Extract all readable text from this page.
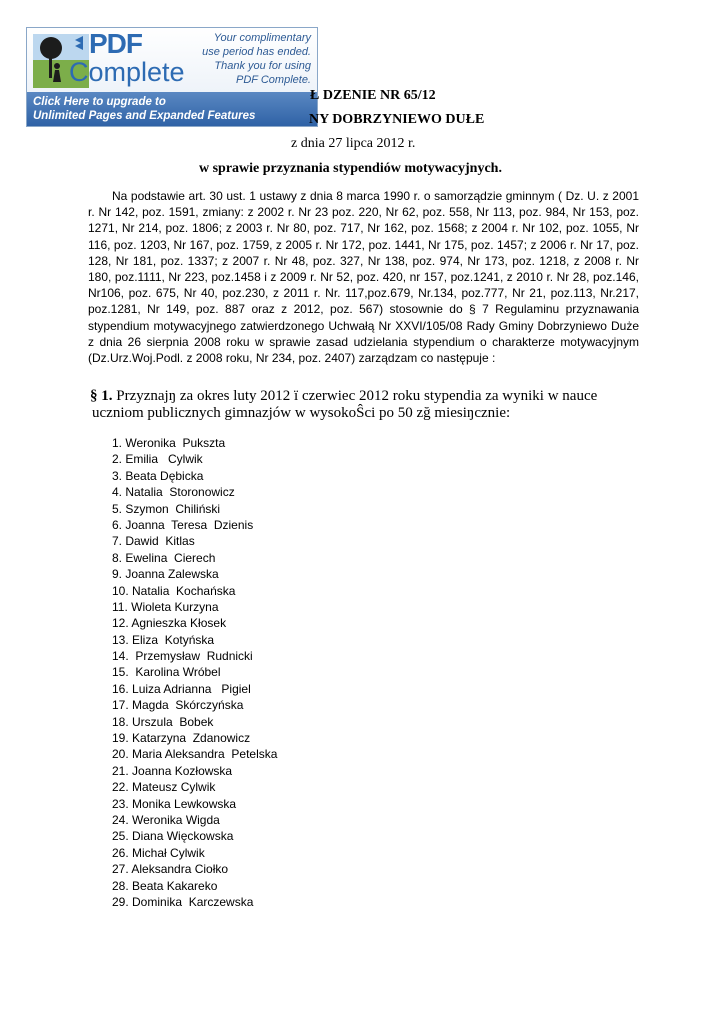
PDF
Complete
Your complimentary
use period has ended.
Thank you for using
PDF Complete.
Click Here to upgrade to
Unlimited Pages and Expanded Features
Ł DZENIE NR 65/12
NY DOBRZYNIEWO DUŁE
z dnia 27 lipca 2012 r.
w sprawie przyznania stypendiów motywacyjnych.
Na podstawie art. 30 ust. 1 ustawy z dnia 8 marca 1990 r. o samorządzie gminnym ( Dz. U. z 2001 r. Nr 142, poz. 1591, zmiany: z 2002 r. Nr 23 poz. 220, Nr 62, poz. 558, Nr 113, poz. 984, Nr 153, poz. 1271, Nr 214, poz. 1806; z 2003 r. Nr 80, poz. 717, Nr 162, poz. 1568; z 2004 r. Nr 102, poz. 1055, Nr 116, poz. 1203, Nr 167, poz. 1759, z 2005 r. Nr 172, poz. 1441, Nr 175, poz. 1457; z 2006 r. Nr 17, poz. 128, Nr 181, poz. 1337; z 2007 r. Nr 48, poz. 327, Nr 138, poz. 974, Nr 173, poz. 1218, z 2008 r. Nr 180, poz.1111, Nr 223, poz.1458 i z 2009 r. Nr 52, poz. 420, nr 157, poz.1241, z 2010 r. Nr 28, poz.146, Nr106, poz. 675, Nr 40, poz.230, z 2011 r. Nr. 117,poz.679, Nr.134, poz.777, Nr 21, poz.113, Nr.217, poz.1281, Nr 149, poz. 887 oraz z 2012, poz. 567) stosownie do § 7 Regulaminu przyznawania stypendium motywacyjnego zatwierdzonego Uchwałą Nr XXVI/105/08 Rady Gminy Dobrzyniewo Duże z dnia 26 sierpnia 2008 roku w sprawie zasad udzielania stypendium o charakterze motywacyjnym (Dz.Urz.Woj.Podl. z 2008 roku, Nr 234, poz. 2407) zarządzam co następuje :
§ 1. Przyznajŋ za okres luty 2012 ï czerwiec 2012 roku stypendia za wyniki w nauce
uczniom publicznych gimnazjów w wysokoŜci po 50 zğ miesiŋcznie:
1. Weronika  Pukszta
2. Emilia   Cylwik
3. Beata Dębicka
4. Natalia  Storonowicz
5. Szymon  Chiliński
6. Joanna  Teresa  Dzienis
7. Dawid  Kitlas
8. Ewelina  Cierech
9. Joanna Zalewska
10. Natalia  Kochańska
11. Wioleta Kurzyna
12. Agnieszka Kłosek
13. Eliza  Kotyńska
14.  Przemysław  Rudnicki
15.  Karolina Wróbel
16. Luiza Adrianna   Pigiel
17. Magda  Skórczyńska
18. Urszula  Bobek
19. Katarzyna  Zdanowicz
20. Maria Aleksandra  Petelska
21. Joanna Kozłowska
22. Mateusz Cylwik
23. Monika Lewkowska
24. Weronika Wigda
25. Diana Więckowska
26. Michał Cylwik
27. Aleksandra Ciołko
28. Beata Kakareko
29. Dominika  Karczewska
